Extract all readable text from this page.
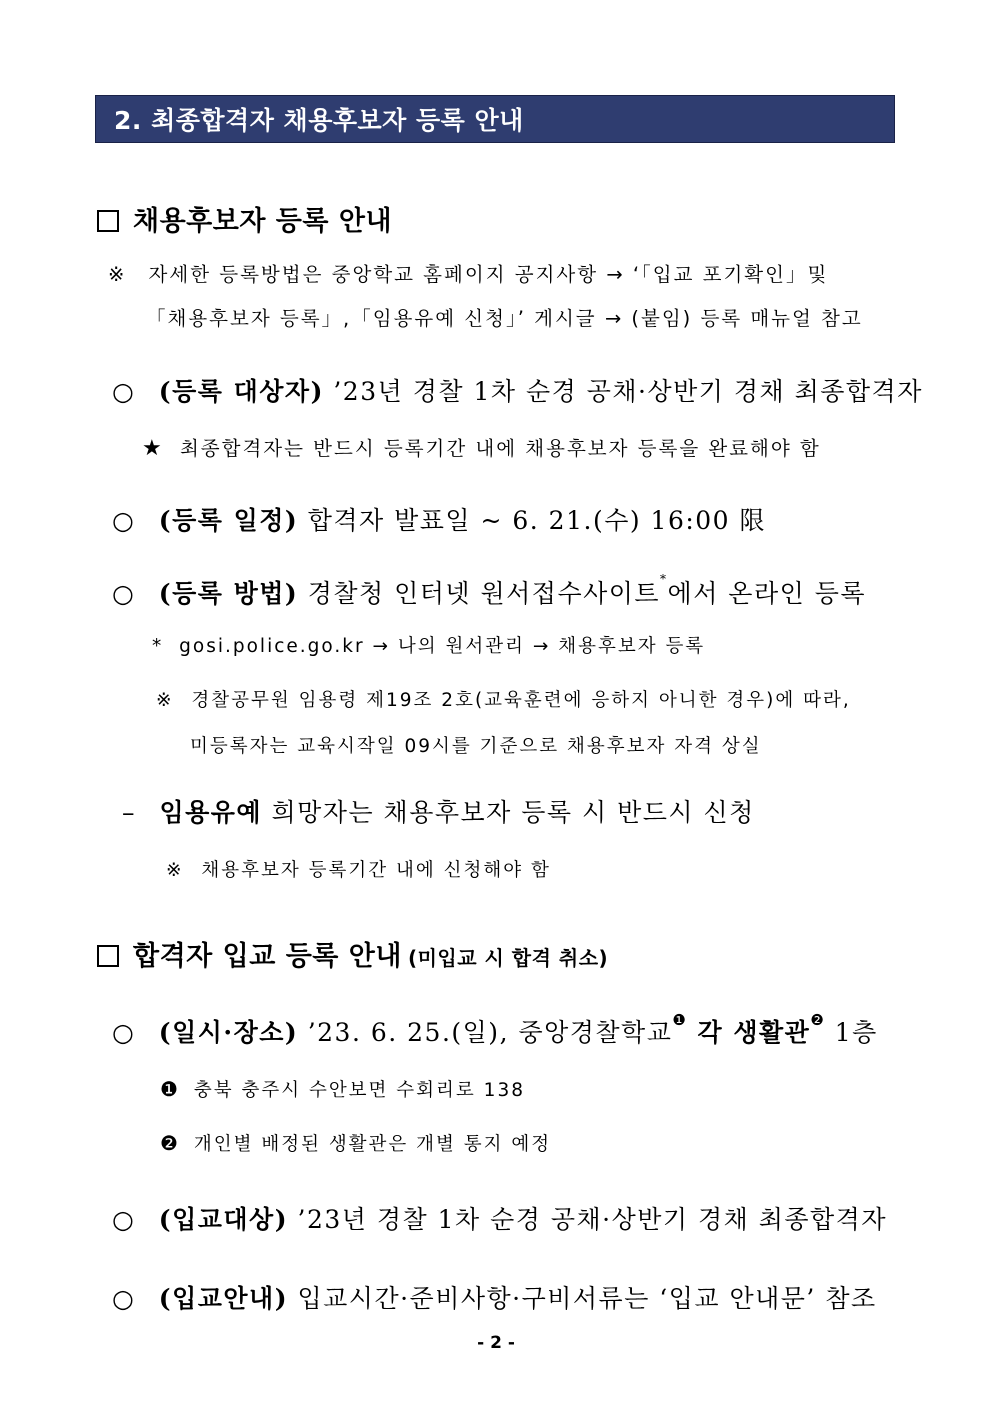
2. 최종합격자 채용후보자 등록 안내
채용후보자 등록 안내
※ 자세한 등록방법은 중앙학교 홈페이지 공지사항 → ‘「입교 포기확인」및
「채용후보자 등록」,「임용유예 신청」’ 게시글 → (붙임) 등록 매뉴얼 참고
○ (등록 대상자) ’23년 경찰 1차 순경 공채·상반기 경채 최종합격자
★ 최종합격자는 반드시 등록기간 내에 채용후보자 등록을 완료해야 함
○ (등록 일정) 합격자 발표일 ~ 6. 21.(수) 16:00 限
○ (등록 방법) 경찰청 인터넷 원서접수사이트*에서 온라인 등록
* gosi.police.go.kr → 나의 원서관리 → 채용후보자 등록
※ 경찰공무원 임용령 제19조 2호(교육훈련에 응하지 아니한 경우)에 따라,
미등록자는 교육시작일 09시를 기준으로 채용후보자 자격 상실
– 임용유예 희망자는 채용후보자 등록 시 반드시 신청
※ 채용후보자 등록기간 내에 신청해야 함
합격자 입교 등록 안내 (미입교 시 합격 취소)
○ (일시·장소) ’23. 6. 25.(일), 중앙경찰학교$^❶$ 각 생활관$^❷$ 1층
❶ 충북 충주시 수안보면 수회리로 138
❷ 개인별 배정된 생활관은 개별 통지 예정
○ (입교대상) ’23년 경찰 1차 순경 공채·상반기 경채 최종합격자
○ (입교안내) 입교시간·준비사항·구비서류는 ‘입교 안내문’ 참조
- 2 -
